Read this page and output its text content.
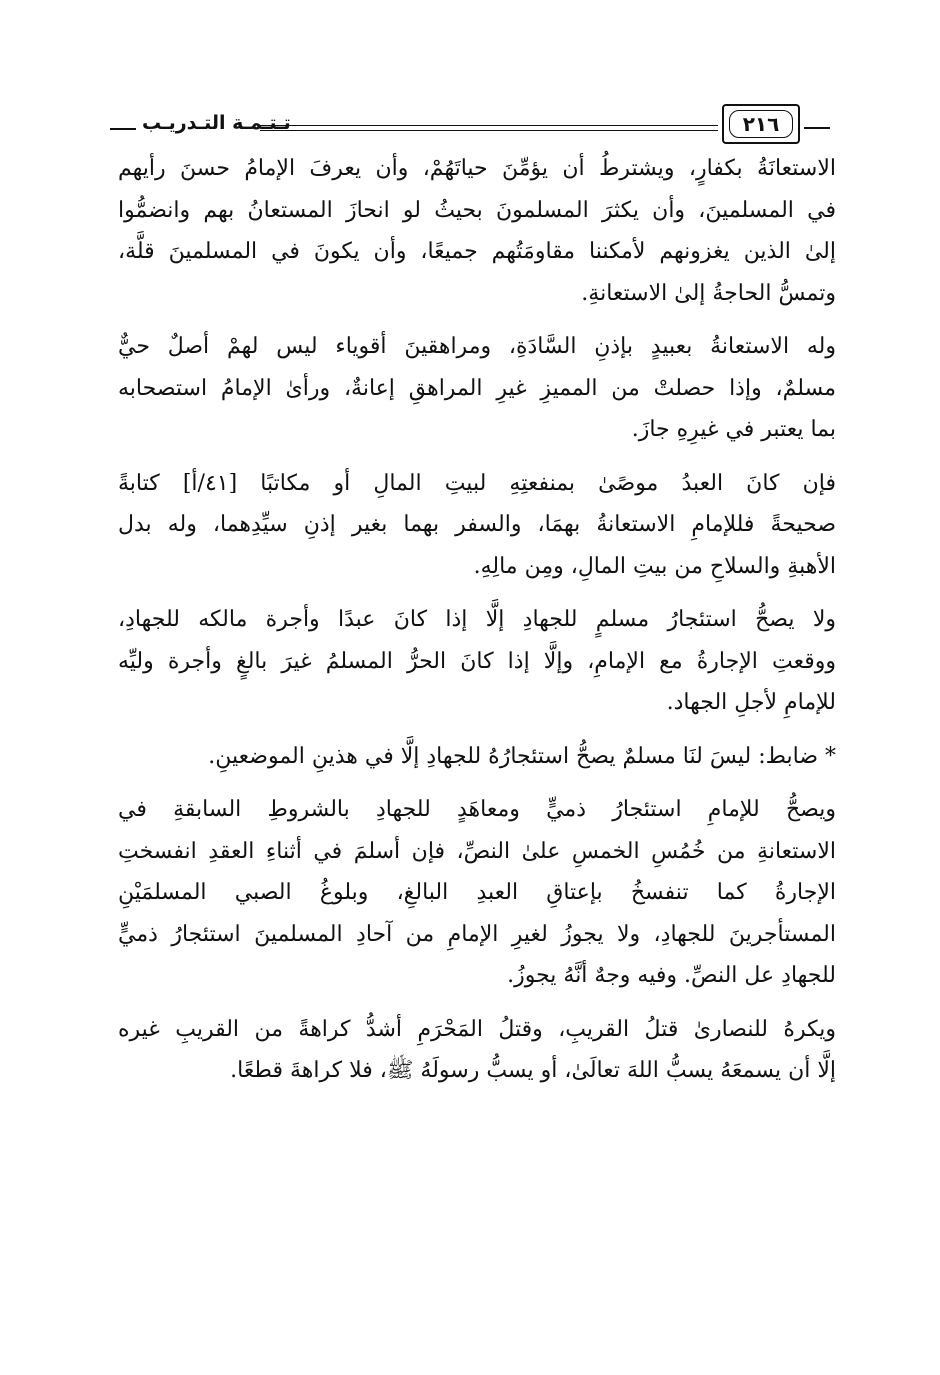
٢١٦
تـتـمـة التـدريـب
الاستعانَةُ بكفارٍ، ويشترطُ أن يؤمِّنَ حياتَهُمْ، وأن يعرفَ الإمامُ حسنَ رأيهم
في المسلمينَ، وأن يكثرَ المسلمونَ بحيثُ لو انحازَ المستعانُ بهم وانضمُّوا
إلىٰ الذين يغزونهم لأمكننا مقاومَتُهم جميعًا، وأن يكونَ في المسلمينَ قلَّة،
وتمسُّ الحاجةُ إلىٰ الاستعانةِ.
وله الاستعانةُ بعبيدٍ بإذنِ السَّادَةِ، ومراهقينَ أقوياء ليس لهمْ أصلٌ حيٌّ
مسلمٌ، وإذا حصلتْ من المميزِ غيرِ المراهقِ إعانةٌ، ورأىٰ الإمامُ استصحابه
بما يعتبر في غيرِهِ جازَ.
فإن كانَ العبدُ موصًىٰ بمنفعتِهِ لبيتِ المالِ أو مكاتبًا [٤١/أ] كتابةً
صحيحةً فللإمامِ الاستعانةُ بهمَا، والسفر بهما بغير إذنِ سيِّدِهما، وله بدل
الأهبةِ والسلاحِ من بيتِ المالِ، ومِن مالِهِ.
ولا يصحُّ استئجارُ مسلمٍ للجهادِ إلَّا إذا كانَ عبدًا وأجرة مالكه للجهادِ،
ووقعتِ الإجارةُ مع الإمامِ، وإلَّا إذا كانَ الحرُّ المسلمُ غيرَ بالغٍ وأجرة وليِّه
للإمامِ لأجلِ الجهاد.
* ضابط: ليسَ لنَا مسلمٌ يصحُّ استئجارُهُ للجهادِ إلَّا في هذينِ الموضعينِ.
ويصحُّ للإمامِ استئجارُ ذميٍّ ومعاهَدٍ للجهادِ بالشروطِ السابقةِ في
الاستعانةِ من خُمُسِ الخمسِ علىٰ النصِّ، فإن أسلمَ في أثناءِ العقدِ انفسختِ
الإجارةُ كما تنفسخُ بإعتاقِ العبدِ البالغِ، وبلوغُ الصبي المسلمَيْنِ
المستأجرينَ للجهادِ، ولا يجوزُ لغيرِ الإمامِ من آحادِ المسلمينَ استئجارُ ذميٍّ
للجهادِ عل النصِّ. وفيه وجهٌ أنَّهُ يجوزُ.
ويكرهُ للنصارىٰ قتلُ القريبِ، وقتلُ المَحْرَمِ أشدُّ كراهةً من القريبِ غيره
إلَّا أن يسمعَهُ يسبُّ اللهَ تعالَىٰ، أو يسبُّ رسولَهُ ﷺ، فلا كراهةَ قطعًا.
